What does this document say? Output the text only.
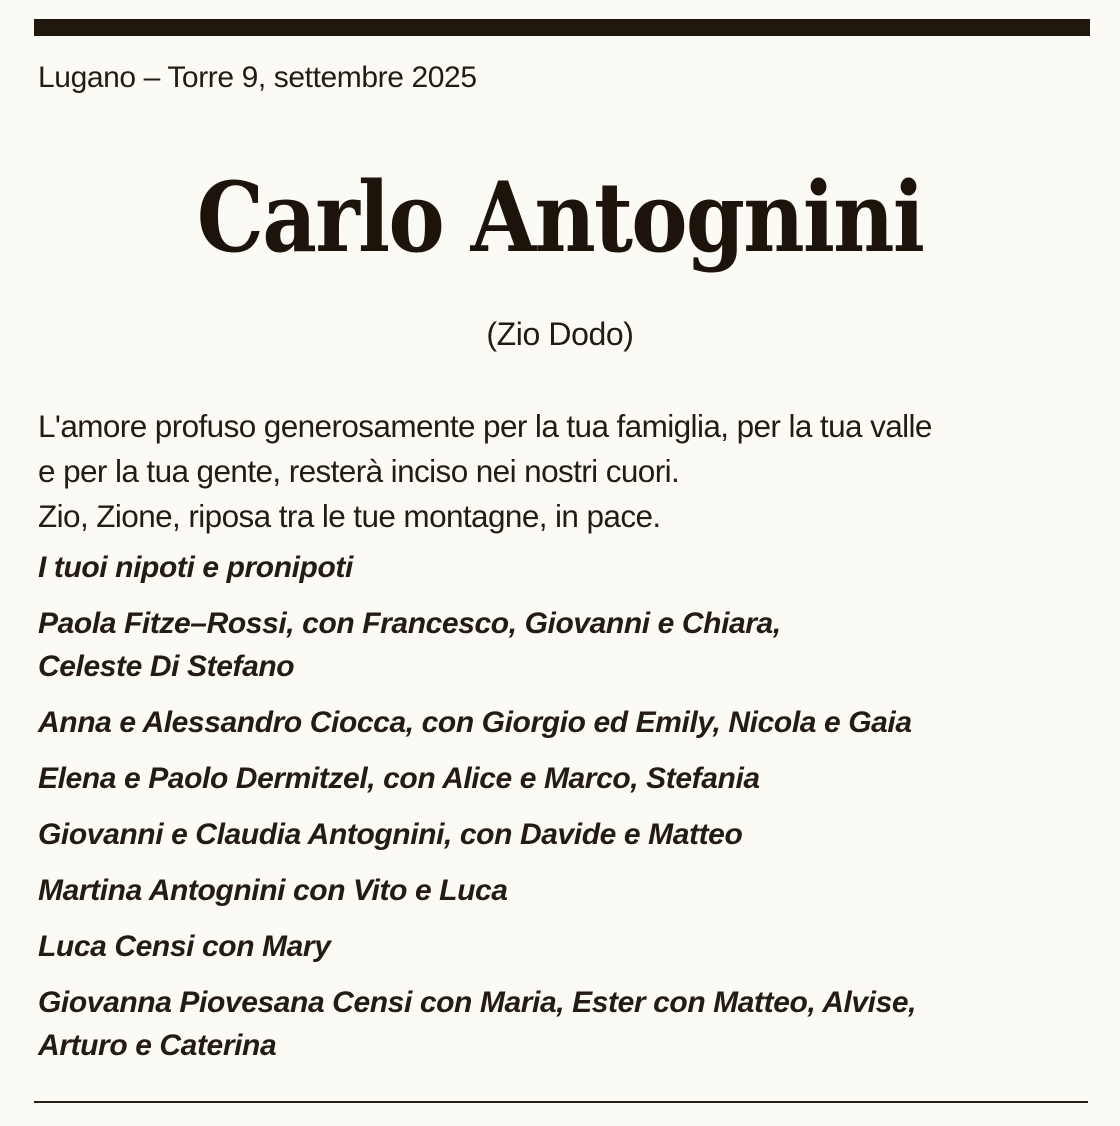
Lugano – Torre 9, settembre 2025
Carlo Antognini
(Zio Dodo)
L'amore profuso generosamente per la tua famiglia, per la tua valle
e per la tua gente, resterà inciso nei nostri cuori.
Zio, Zione, riposa tra le tue montagne, in pace.

I tuoi nipoti e pronipoti

Paola Fitze–Rossi, con Francesco, Giovanni e Chiara,
Celeste Di Stefano

Anna e Alessandro Ciocca, con Giorgio ed Emily, Nicola e Gaia

Elena e Paolo Dermitzel, con Alice e Marco, Stefania

Giovanni e Claudia Antognini, con Davide e Matteo

Martina Antognini con Vito e Luca

Luca Censi con Mary

Giovanna Piovesana Censi con Maria, Ester con Matteo, Alvise,
Arturo e Caterina
